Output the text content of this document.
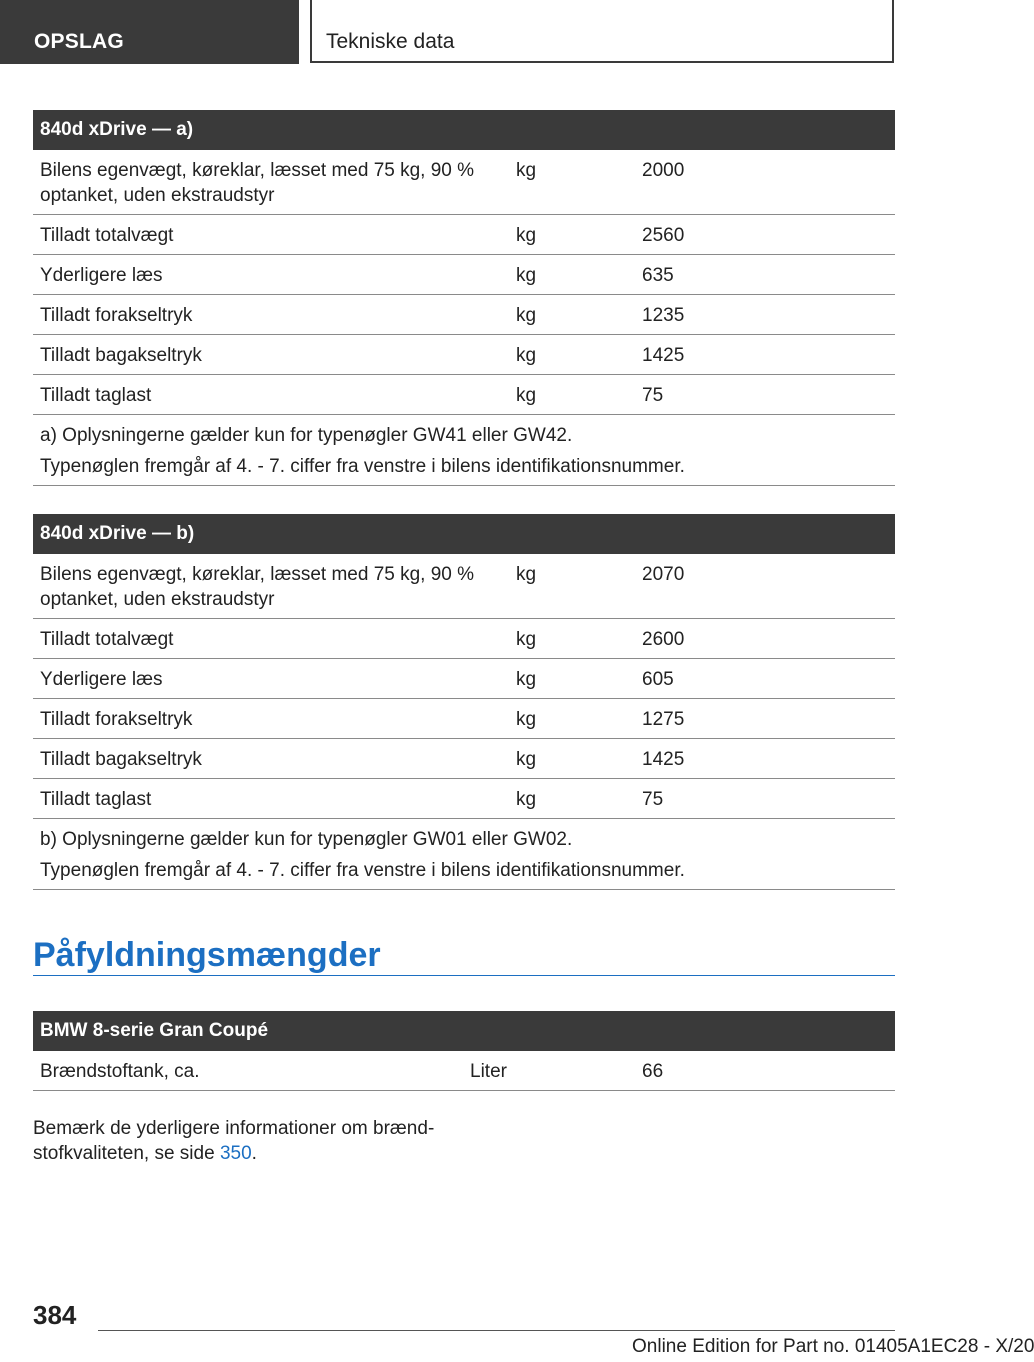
OPSLAG	Tekniske data
840d xDrive — a)
Bilens egenvægt, køreklar, læsset med 75 kg, 90 %
optanket, uden ekstraudstyr
kg	2000
Tilladt totalvægt	kg	2560
Yderligere læs	kg	635
Tilladt forakseltryk	kg	1235
Tilladt bagakseltryk	kg	1425
Tilladt taglast	kg	75
a) Oplysningerne gælder kun for typenøgler GW41 eller GW42.
Typenøglen fremgår af 4. - 7. ciffer fra venstre i bilens identifikationsnummer.
840d xDrive — b)
Bilens egenvægt, køreklar, læsset med 75 kg, 90 %
optanket, uden ekstraudstyr
kg	2070
Tilladt totalvægt	kg	2600
Yderligere læs	kg	605
Tilladt forakseltryk	kg	1275
Tilladt bagakseltryk	kg	1425
Tilladt taglast	kg	75
b) Oplysningerne gælder kun for typenøgler GW01 eller GW02.
Typenøglen fremgår af 4. - 7. ciffer fra venstre i bilens identifikationsnummer.
Påfyldningsmængder
BMW 8-serie Gran Coupé
Brændstoftank, ca.	Liter	66
Bemærk de yderligere informationer om brænd-
stofkvaliteten, se side 350.
384
Online Edition for Part no. 01405A1EC28 - X/20
